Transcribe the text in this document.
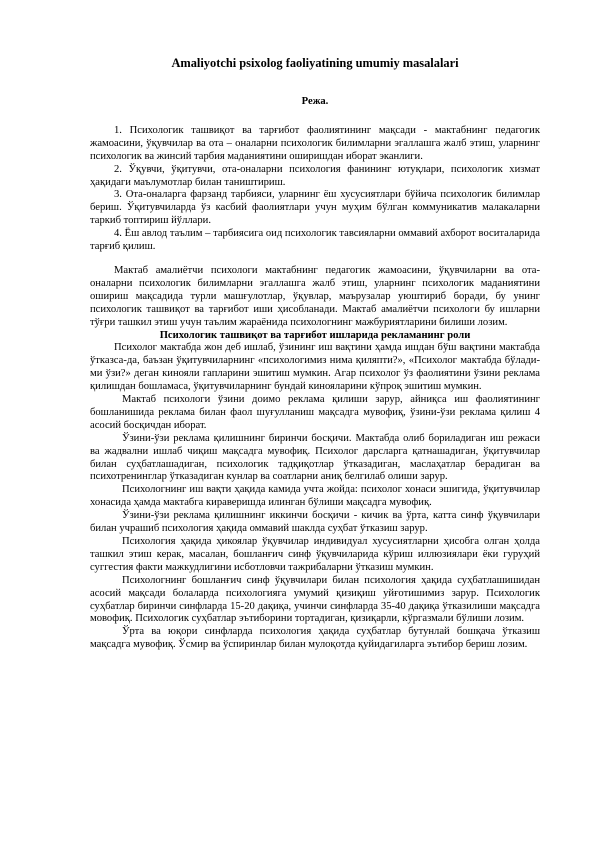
Amaliyotchi psixolog faoliyatining umumiy masalalari
Режа.
1. Психологик ташвиқот ва тарғибот фаолиятининг мақсади - мактабнинг педагогик жамоасини, ўқувчилар ва ота – оналарни психологик билимларни эгаллашга жалб этиш, уларнинг психологик ва жинсий тарбия маданиятини оширишдан иборат эканлиги.
2. Ўқувчи, ўқитувчи, ота-оналарни психология фанининг ютуқлари, психологик хизмат ҳақидаги маълумотлар билан таништириш.
3. Ота-оналарга фарзанд тарбияси, уларнинг ёш хусусиятлари бўйича психологик билимлар бериш. Ўқитувчиларда ўз касбий фаолиятлари учун муҳим бўлган коммуникатив малакаларни таркиб топтириш йўллари.
4. Ёш авлод таълим – тарбиясига оид психологик тавсияларни оммавий ахборот воситаларида тарғиб қилиш.

Мактаб амалиётчи психологи мактабнинг педагогик жамоасини, ўқувчиларни ва ота-оналарни психологик билимларни эгаллашга жалб этиш, уларнинг психологик маданиятини ошириш мақсадида турли машғулотлар, ўқувлар, маърузалар уюштириб боради, бу унинг психологик ташвиқот ва тарғибот иши ҳисобланади. Мактаб амалиётчи психологи бу ишларни тўғри ташкил этиш учун таълим жараёнида психологнинг мажбуриятларини билиши лозим.

Психологик ташвиқот ва тарғибот ишларида рекламанинг роли

Психолог мактабда жон деб ишлаб, ўзининг иш вақтини ҳамда ишдан бўш вақтини мактабда ўтказса-да, баъзан ўқитувчиларнинг «психологимиз нима қиляпти?», «Психолог мактабда бўлади-ми ўзи?» деган кинояли гапларини эшитиш мумкин. Агар психолог ўз фаолиятини ўзини реклама қилишдан бошламаса, ўқитувчиларнинг бундай кинояларини кўпроқ эшитиш мумкин.

Мактаб психологи ўзини доимо реклама қилиши зарур, айниқса иш фаолиятининг бошланишида реклама билан фаол шуғулланиш мақсадга мувофиқ, ўзини-ўзи реклама қилиш 4 асосий босқичдан иборат.

Ўзини-ўзи реклама қилишнинг биринчи босқичи. Мактабда олиб бориладиган иш режаси ва жадвални ишлаб чиқиш мақсадга мувофиқ. Психолог дарсларга қатнашадиган, ўқитувчилар билан суҳбатлашадиган, психологик тадқиқотлар ўтказадиган, маслаҳатлар берадиган ва психотренинглар ўтказадиган кунлар ва соатларни аниқ белгилаб олиши зарур.

Психологнинг иш вақти ҳақида камида учта жойда: психолог хонаси эшигида, ўқитувчилар хонасида ҳамда мактабга кираверишда илинган бўлиши мақсадга мувофиқ.

Ўзини-ўзи реклама қилишнинг иккинчи босқичи - кичик ва ўрта, катта синф ўқувчилари билан учрашиб психология ҳақида оммавий шаклда суҳбат ўтказиш зарур.

Психология ҳақида ҳикоялар ўқувчилар индивидуал хусусиятларни ҳисобга олган ҳолда ташкил этиш керак, масалан, бошланғич синф ўқувчиларида кўриш иллюзиялари ёки гуруҳий суггестия факти мажкудлигини исботловчи тажрибаларни ўтказиш мумкин.

Психологнинг бошланғич синф ўқувчилари билан психология ҳақида суҳбатлашишидан асосий мақсади болаларда психологияга умумий қизиқиш уйғотишимиз зарур. Психологик суҳбатлар биринчи синфларда 15-20 дақиқа, учинчи синфларда 35-40 дақиқа ўтказилиши мақсадга мовофиқ. Психологик суҳбатлар эътиборини тортадиган, қизиқарли, кўргазмали бўлиши лозим.

Ўрта ва юқори синфларда психология ҳақида суҳбатлар бутунлай бошқача ўтказиш мақсадга мувофиқ. Ўсмир ва ўспиринлар билан мулоқотда қуйидагиларга эътибор бериш лозим.
